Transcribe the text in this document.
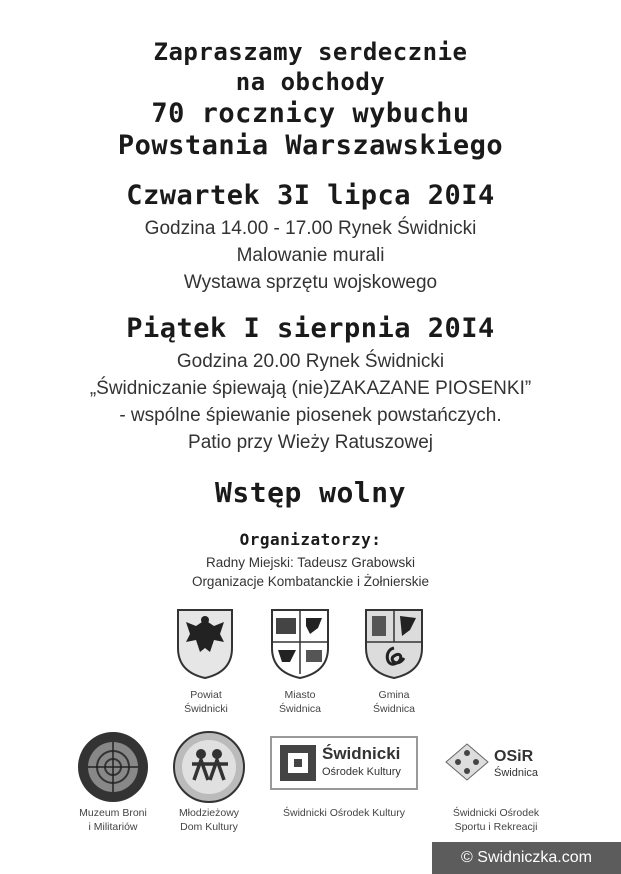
Zapraszamy serdecznie
na obchody
70 rocznicy wybuchu
Powstania Warszawskiego
Czwartek 3I lipca 20I4
Godzina 14.00 - 17.00 Rynek Świdnicki
Malowanie murali
Wystawa sprzętu wojskowego
Piątek I sierpnia 20I4
Godzina 20.00 Rynek Świdnicki
„Świdniczanie śpiewają (nie)ZAKAZANE PIOSENKI”
- wspólne śpiewanie piosenek powstańczych.
Patio przy Wieży Ratuszowej
Wstęp wolny
Organizatorzy:
Radny Miejski: Tadeusz Grabowski
Organizacje Kombatanckie i Żołnierskie
Powiat
Świdnicki
Miasto
Świdnica
Gmina
Świdnica
Świdnicki
Ośrodek Kultury
OSiR
Świdnica
Muzeum Broni
i Militariów
Młodzieżowy
Dom Kultury
Świdnicki Ośrodek Kultury	Świdnicki Ośrodek
Sportu i Rekreacji
© Swidniczka.com
